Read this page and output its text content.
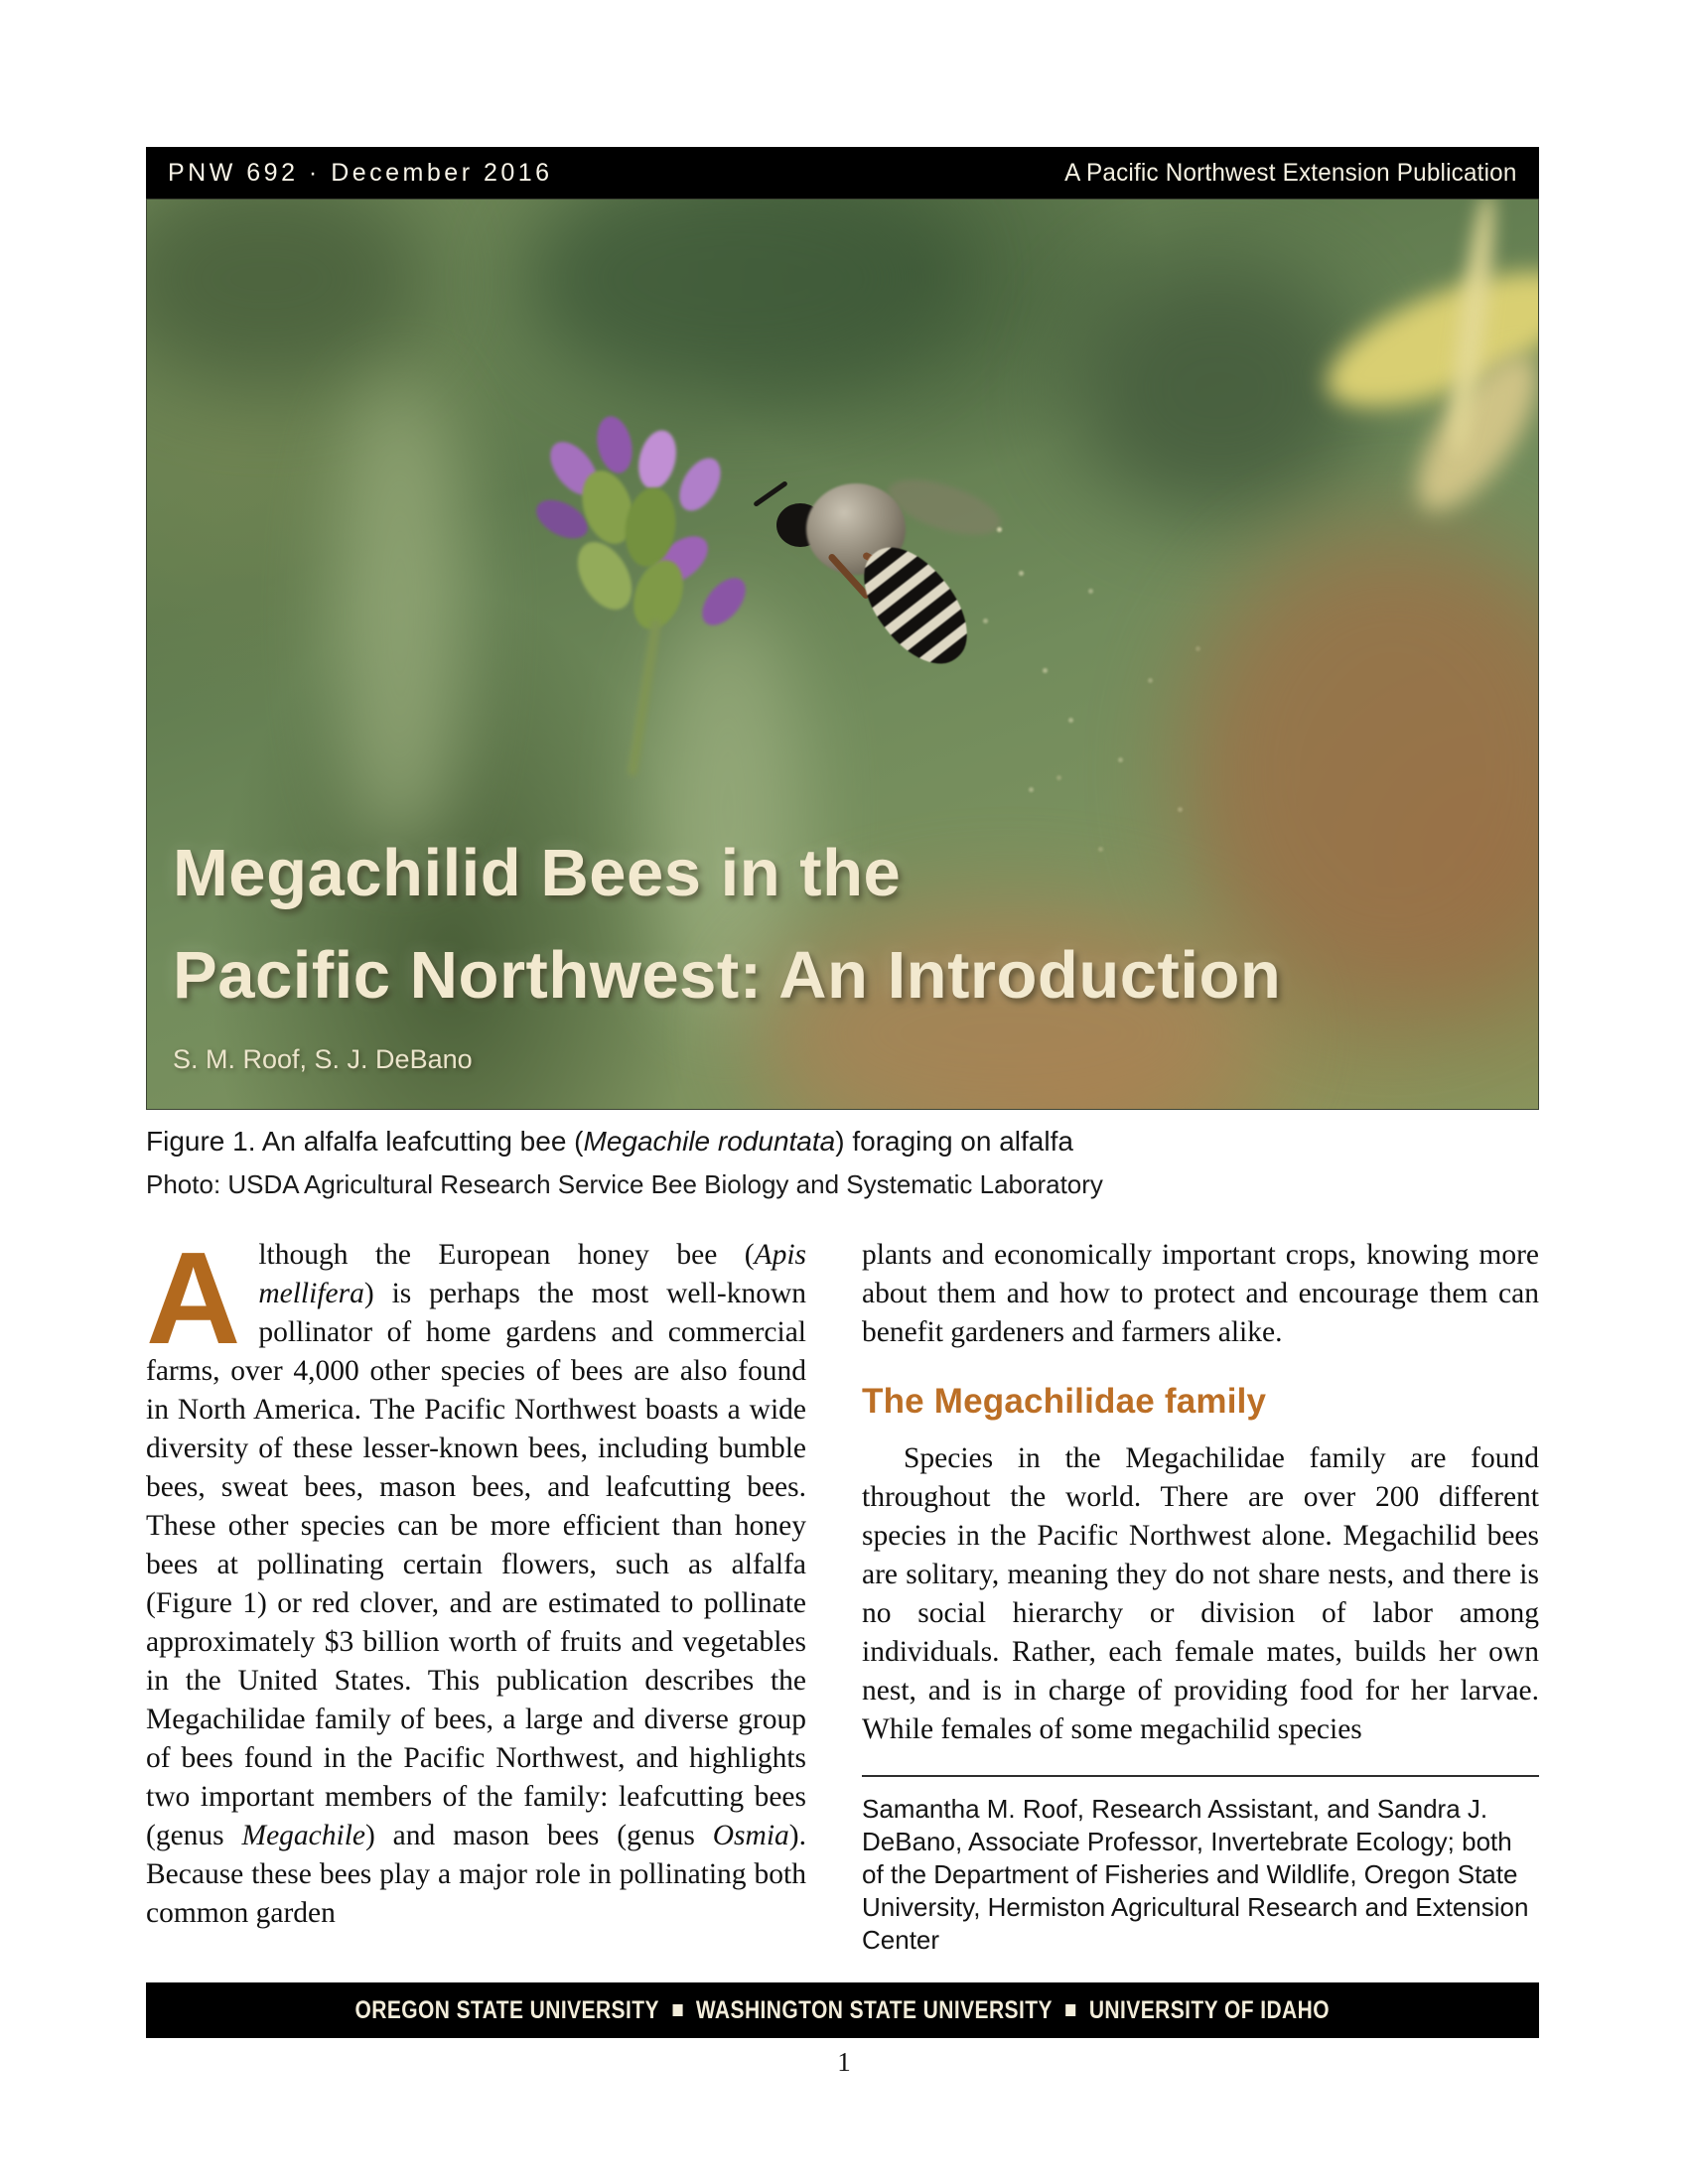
PNW 692 · December 2016	A Pacific Northwest Extension Publication
Megachilid Bees in the
Pacific Northwest: An Introduction
S. M. Roof, S. J. DeBano
Figure 1. An alfalfa leafcutting bee (Megachile roduntata) foraging on alfalfa
Photo: USDA Agricultural Research Service Bee Biology and Systematic Laboratory

Although the European honey bee (Apis mellifera) is perhaps the most well-known pollinator of home gardens and commercial farms, over 4,000 other species of bees are also found in North America. The Pacific Northwest boasts a wide diversity of these lesser-known bees, including bumble bees, sweat bees, mason bees, and leafcutting bees. These other species can be more efficient than honey bees at pollinating certain flowers, such as alfalfa (Figure 1) or red clover, and are estimated to pollinate approximately $3 billion worth of fruits and vegetables in the United States. This publication describes the Megachilidae family of bees, a large and diverse group of bees found in the Pacific Northwest, and highlights two important members of the family: leafcutting bees (genus Megachile) and mason bees (genus Osmia). Because these bees play a major role in pollinating both common garden

plants and economically important crops, knowing more about them and how to protect and encourage them can benefit gardeners and farmers alike.

The Megachilidae family

Species in the Megachilidae family are found throughout the world. There are over 200 different species in the Pacific Northwest alone. Megachilid bees are solitary, meaning they do not share nests, and there is no social hierarchy or division of labor among individuals. Rather, each female mates, builds her own nest, and is in charge of providing food for her larvae. While females of some megachilid species

Samantha M. Roof, Research Assistant, and Sandra J. DeBano, Associate Professor, Invertebrate Ecology; both of the Department of Fisheries and Wildlife, Oregon State University, Hermiston Agricultural Research and Extension Center

OREGON STATE UNIVERSITY WASHINGTON STATE UNIVERSITY UNIVERSITY OF IDAHO
1
